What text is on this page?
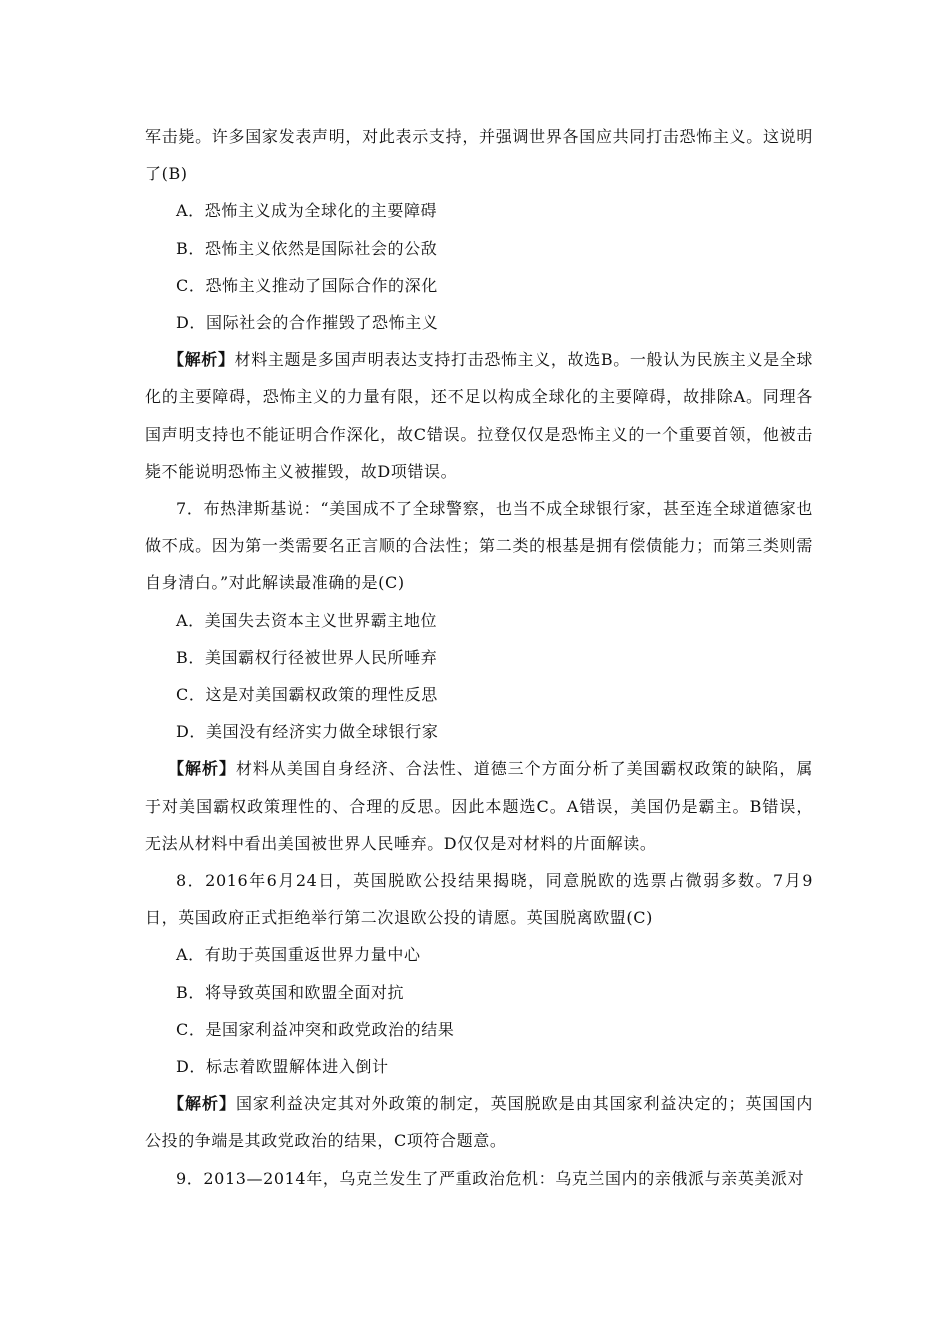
军击毙。许多国家发表声明，对此表示支持，并强调世界各国应共同打击恐怖主义。这说明了(B)

A．恐怖主义成为全球化的主要障碍

B．恐怖主义依然是国际社会的公敌

C．恐怖主义推动了国际合作的深化

D．国际社会的合作摧毁了恐怖主义

【解析】材料主题是多国声明表达支持打击恐怖主义，故选B。一般认为民族主义是全球化的主要障碍，恐怖主义的力量有限，还不足以构成全球化的主要障碍，故排除A。同理各国声明支持也不能证明合作深化，故C错误。拉登仅仅是恐怖主义的一个重要首领，他被击毙不能说明恐怖主义被摧毁，故D项错误。

7．布热津斯基说：“美国成不了全球警察，也当不成全球银行家，甚至连全球道德家也做不成。因为第一类需要名正言顺的合法性；第二类的根基是拥有偿债能力；而第三类则需自身清白。”对此解读最准确的是(C)

A．美国失去资本主义世界霸主地位

B．美国霸权行径被世界人民所唾弃

C．这是对美国霸权政策的理性反思

D．美国没有经济实力做全球银行家

【解析】材料从美国自身经济、合法性、道德三个方面分析了美国霸权政策的缺陷，属于对美国霸权政策理性的、合理的反思。因此本题选C。A错误，美国仍是霸主。B错误，无法从材料中看出美国被世界人民唾弃。D仅仅是对材料的片面解读。

8．2016年6月24日，英国脱欧公投结果揭晓，同意脱欧的选票占微弱多数。7月9日，英国政府正式拒绝举行第二次退欧公投的请愿。英国脱离欧盟(C)

A．有助于英国重返世界力量中心

B．将导致英国和欧盟全面对抗

C．是国家利益冲突和政党政治的结果

D．标志着欧盟解体进入倒计

【解析】国家利益决定其对外政策的制定，英国脱欧是由其国家利益决定的；英国国内公投的争端是其政党政治的结果，C项符合题意。

9．2013—2014年，乌克兰发生了严重政治危机：乌克兰国内的亲俄派与亲英美派对
